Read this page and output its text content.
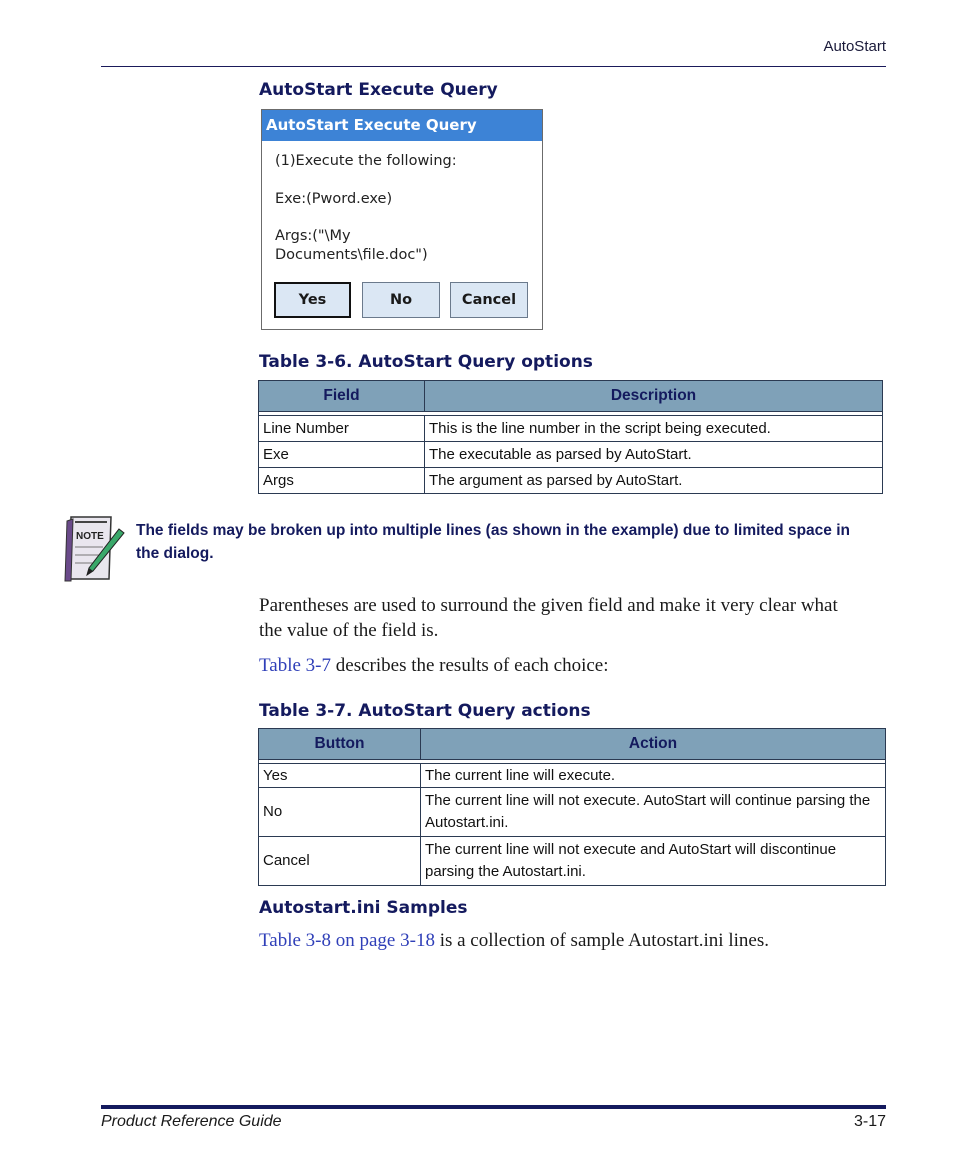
AutoStart
AutoStart Execute Query
AutoStart Execute Query
(1)Execute the following:
Exe:(Pword.exe)
Args:("\My
Documents\file.doc")
Yes	No	Cancel
Table 3-6. AutoStart Query options
Field	Description

Line Number	This is the line number in the script being executed.
Exe	The executable as parsed by AutoStart.
Args	The argument as parsed by AutoStart.
NOTE The fields may be broken up into multiple lines (as shown in the example) due to limited space in
the dialog.
Parentheses are used to surround the given field and make it very clear what
the value of the field is.
Table 3-7 describes the results of each choice:
Table 3-7. AutoStart Query actions
Button	Action

Yes	The current line will execute.

No	The current line will not execute. AutoStart will continue parsing the
Autostart.ini.

Cancel	The current line will not execute and AutoStart will discontinue
parsing the Autostart.ini.
Autostart.ini Samples
Table 3-8 on page 3-18 is a collection of sample Autostart.ini lines.
Product Reference Guide	3-17
